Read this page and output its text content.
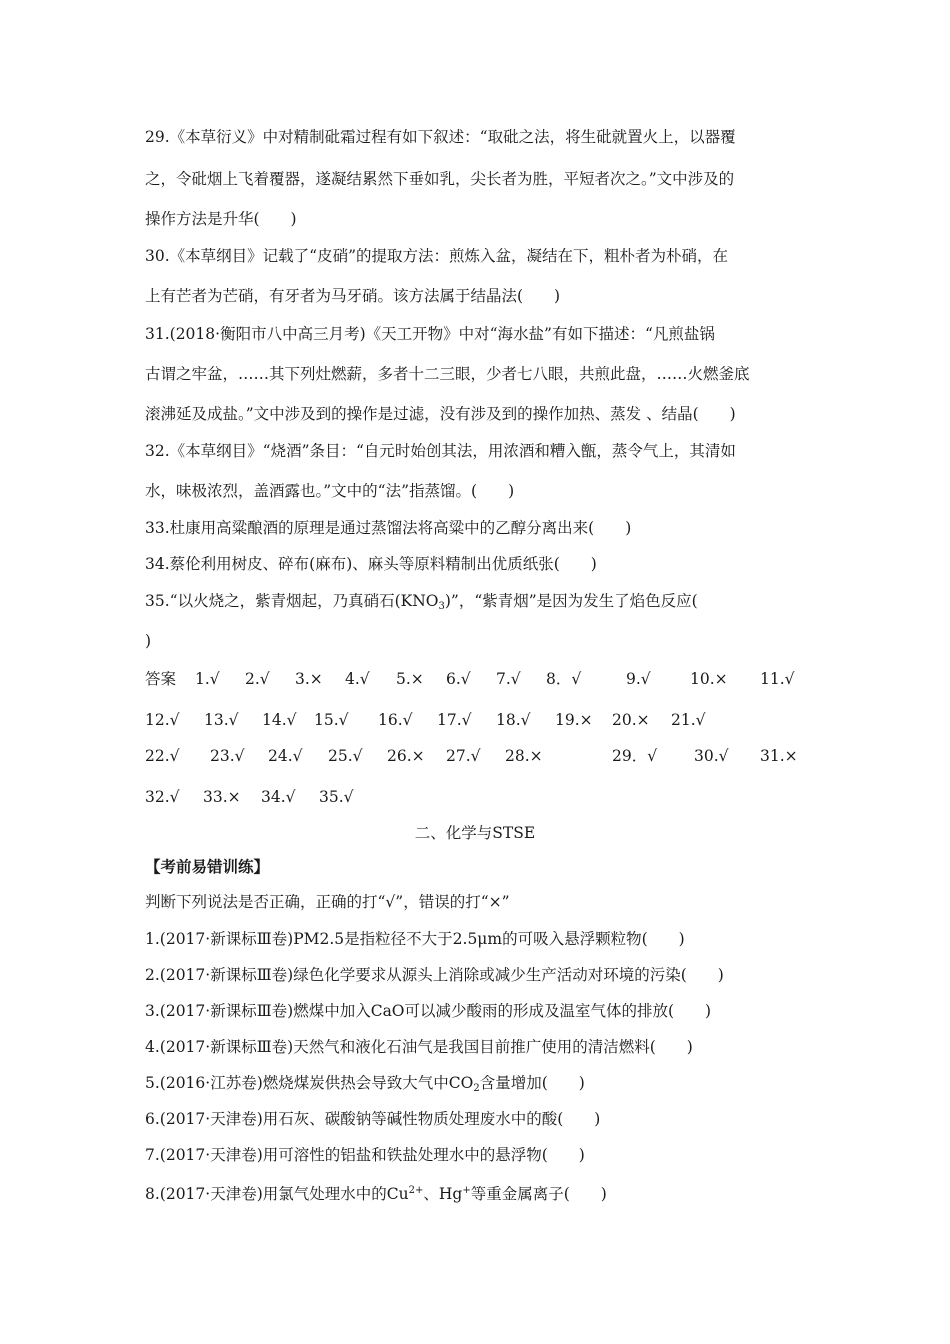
29.《本草衍义》中对精制砒霜过程有如下叙述：“取砒之法，将生砒就置火上，以器覆
之，令砒烟上飞着覆器，遂凝结累然下垂如乳，尖长者为胜，平短者次之。”文中涉及的
操作方法是升华(　　)
30.《本草纲目》记载了“皮硝”的提取方法：煎炼入盆，凝结在下，粗朴者为朴硝，在
上有芒者为芒硝，有牙者为马牙硝。该方法属于结晶法(　　)
31.(2018·衡阳市八中高三月考)《天工开物》中对“海水盐”有如下描述：“凡煎盐锅
古谓之牢盆，……其下列灶燃薪，多者十二三眼，少者七八眼，共煎此盘，……火燃釜底
滚沸延及成盐。”文中涉及到的操作是过滤，没有涉及到的操作加热、蒸发 、结晶(　　)
32.《本草纲目》“烧酒”条目：“自元时始创其法，用浓酒和糟入甑，蒸令气上，其清如
水，味极浓烈，盖酒露也。”文中的“法”指蒸馏。(　　)
33.杜康用高粱酿酒的原理是通过蒸馏法将高粱中的乙醇分离出来(　　)
34.蔡伦利用树皮、碎布(麻布)、麻头等原料精制出优质纸张(　　)
35.“以火烧之，紫青烟起，乃真硝石$(KNO_3)$”，“紫青烟”是因为发生了焰色反应(
)
答案 1.√ 2.√ 3.× 4.√ 5.× 6.√ 7.√ 8．√	9.√	10.× 11.√
12.√ 13.√ 14.√ 15.√ 16.√ 17.√ 18.√ 19.× 20.× 21.√
22.√ 23.√ 24.√ 25.√ 26.× 27.√ 28.×	29．√ 30.√ 31.×
32.√ 33.× 34.√ 35.√
二、化学与STSE
【考前易错训练】
判断下列说法是否正确，正确的打“√”，错误的打“×”
1.(2017·新课标Ⅲ卷)PM2.5是指粒径不大于2.5μm的可吸入悬浮颗粒物(　　)
2.(2017·新课标Ⅲ卷)绿色化学要求从源头上消除或减少生产活动对环境的污染(　　)
3.(2017·新课标Ⅲ卷)燃煤中加入CaO可以减少酸雨的形成及温室气体的排放(　　)
4.(2017·新课标Ⅲ卷)天然气和液化石油气是我国目前推广使用的清洁燃料(　　)
5.(2016·江苏卷)燃烧煤炭供热会导致大气中$CO_2$含量增加(　　)
6.(2017·天津卷)用石灰、碳酸钠等碱性物质处理废水中的酸(　　)
7.(2017·天津卷)用可溶性的铝盐和铁盐处理水中的悬浮物(　　)
8.(2017·天津卷)用氯气处理水中的$Cu^{2+}$、Hg+等重金属离子(　　)
